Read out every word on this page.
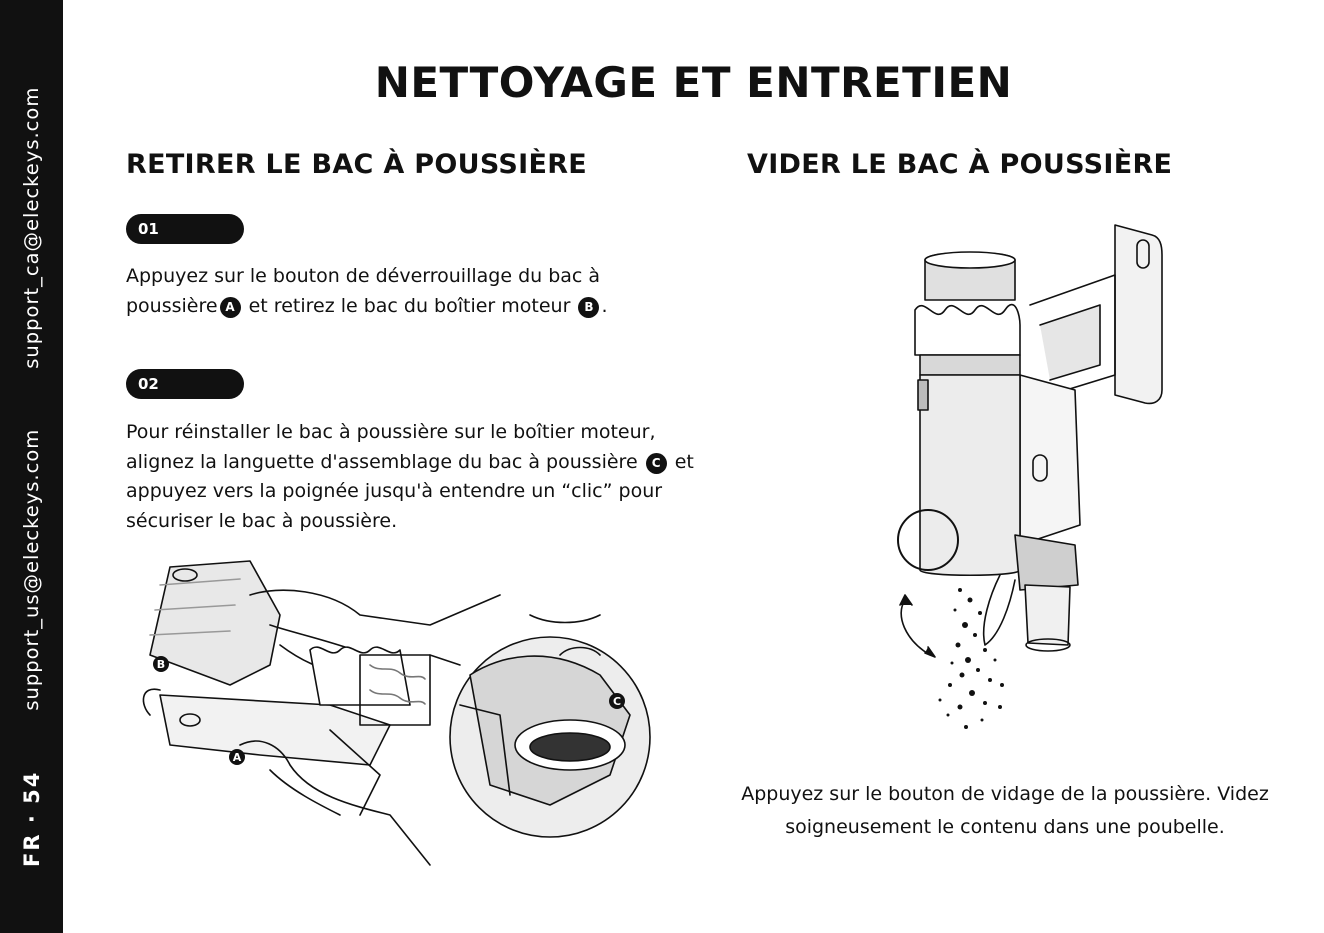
FR · 54
support_us@eleckeys.com
support_ca@eleckeys.com
NETTOYAGE ET ENTRETIEN
RETIRER LE BAC À POUSSIÈRE
01

Appuyez sur le bouton de déverrouillage du bac à poussière A et retirez le bac du boîtier moteur B .

02

Pour réinstaller le bac à poussière sur le boîtier moteur, alignez la languette d'assemblage du bac à poussière C et appuyez vers la poignée jusqu'à entendre un “clic” pour sécuriser le bac à poussière.

B
A
C
VIDER LE BAC À POUSSIÈRE

Appuyez sur le bouton de vidage de la poussière. Videz soigneusement le contenu dans une poubelle.
